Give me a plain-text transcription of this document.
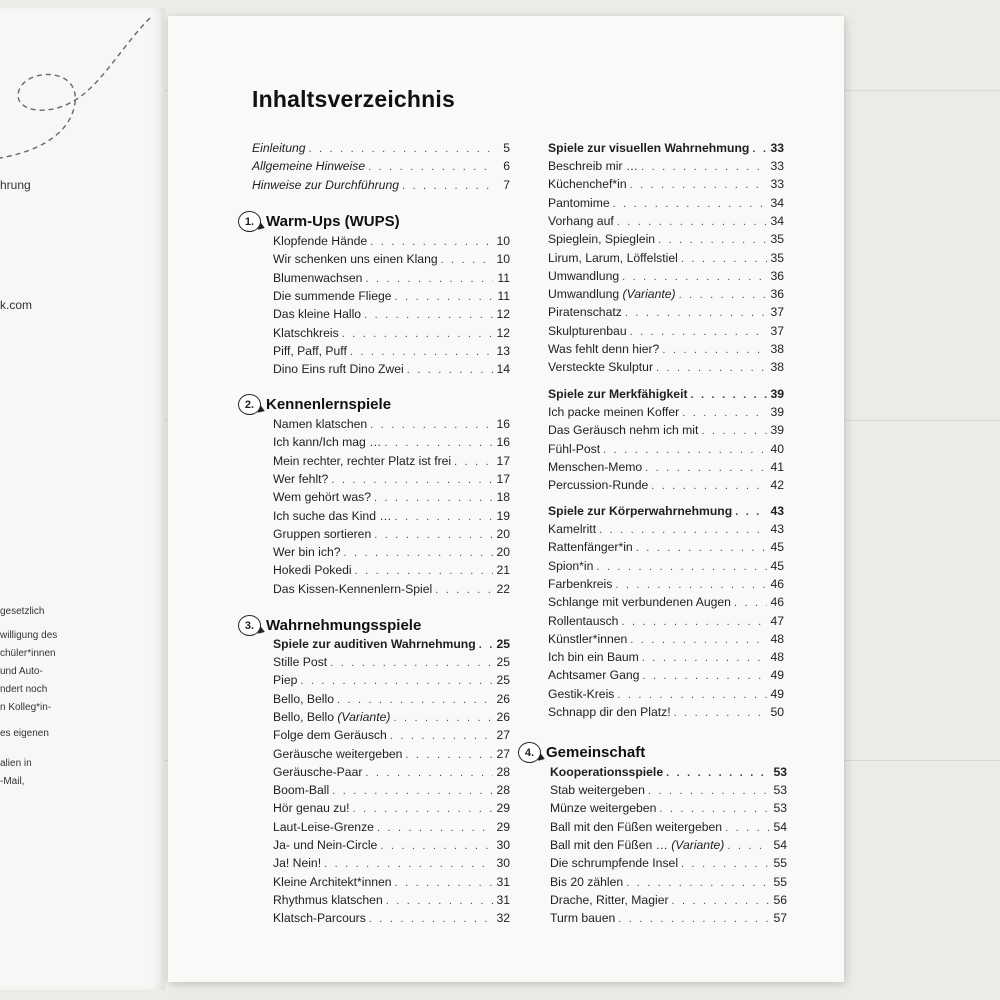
hrung
k.com
gesetzlich
willigung des
chüler*innen
und Auto-
ndert noch
n Kolleg*in-
es eigenen
alien in
-Mail,
Inhaltsverzeichnis
Einleitung . . .	5
Allgemeine Hinweise . . .	6
Hinweise zur Durchführung . . .	7
1. Warm-Ups (WUPS)
Klopfende Hände . . .	10
Wir schenken uns einen Klang . . .	10
Blumenwachsen . . .	11
Die summende Fliege . . .	11
Das kleine Hallo . . .	12
Klatschkreis . . .	12
Piff, Paff, Puff . . .	13
Dino Eins ruft Dino Zwei . . .	14
2. Kennenlernspiele
Namen klatschen . . .	16
Ich kann/Ich mag … . . .	16
Mein rechter, rechter Platz ist frei . . .	17
Wer fehlt? . . .	17
Wem gehört was? . . .	18
Ich suche das Kind … . . .	19
Gruppen sortieren . . .	20
Wer bin ich? . . .	20
Hokedi Pokedi . . .	21
Das Kissen-Kennenlern-Spiel . . .	22
3. Wahrnehmungsspiele
Spiele zur auditiven Wahrnehmung . . . 25
Stille Post . . .	25
Piep . . .	25
Bello, Bello . . .	26
Bello, Bello (Variante) . . .	26
Folge dem Geräusch . . .	27
Geräusche weitergeben . . .	27
Geräusche-Paar . . .	28
Boom-Ball . . .	28
Hör genau zu! . . .	29
Laut-Leise-Grenze . . .	29
Ja- und Nein-Circle . . .	30
Ja! Nein! . . .	30
Kleine Architekt*innen . . .	31
Rhythmus klatschen . . .	31
Klatsch-Parcours . . .	32
Spiele zur visuellen Wahrnehmung . . . 33
Beschreib mir … . . .	33
Küchenchef*in . . .	33
Pantomime . . .	34
Vorhang auf . . .	34
Spieglein, Spieglein . . .	35
Lirum, Larum, Löffelstiel . . .	35
Umwandlung . . .	36
Umwandlung (Variante) . . .	36
Piratenschatz . . .	37
Skulpturenbau . . .	37
Was fehlt denn hier? . . .	38
Versteckte Skulptur . . .	38
Spiele zur Merkfähigkeit . . .	39
Ich packe meinen Koffer . . .	39
Das Geräusch nehm ich mit . . .	39
Fühl-Post . . .	40
Menschen-Memo . . .	41
Percussion-Runde . . .	42
Spiele zur Körperwahrnehmung . . .	43
Kamelritt . . .	43
Rattenfänger*in . . .	45
Spion*in . . .	45
Farbenkreis . . .	46
Schlange mit verbundenen Augen . . .	46
Rollentausch . . .	47
Künstler*innen . . .	48
Ich bin ein Baum . . .	48
Achtsamer Gang . . .	49
Gestik-Kreis . . .	49
Schnapp dir den Platz! . . .	50
4. Gemeinschaft
Kooperationsspiele . . .	53
Stab weitergeben . . .	53
Münze weitergeben . . .	53
Ball mit den Füßen weitergeben . . .	54
Ball mit den Füßen … (Variante) . . .	54
Die schrumpfende Insel . . .	55
Bis 20 zählen . . .	55
Drache, Ritter, Magier . . .	56
Turm bauen . . .	57
